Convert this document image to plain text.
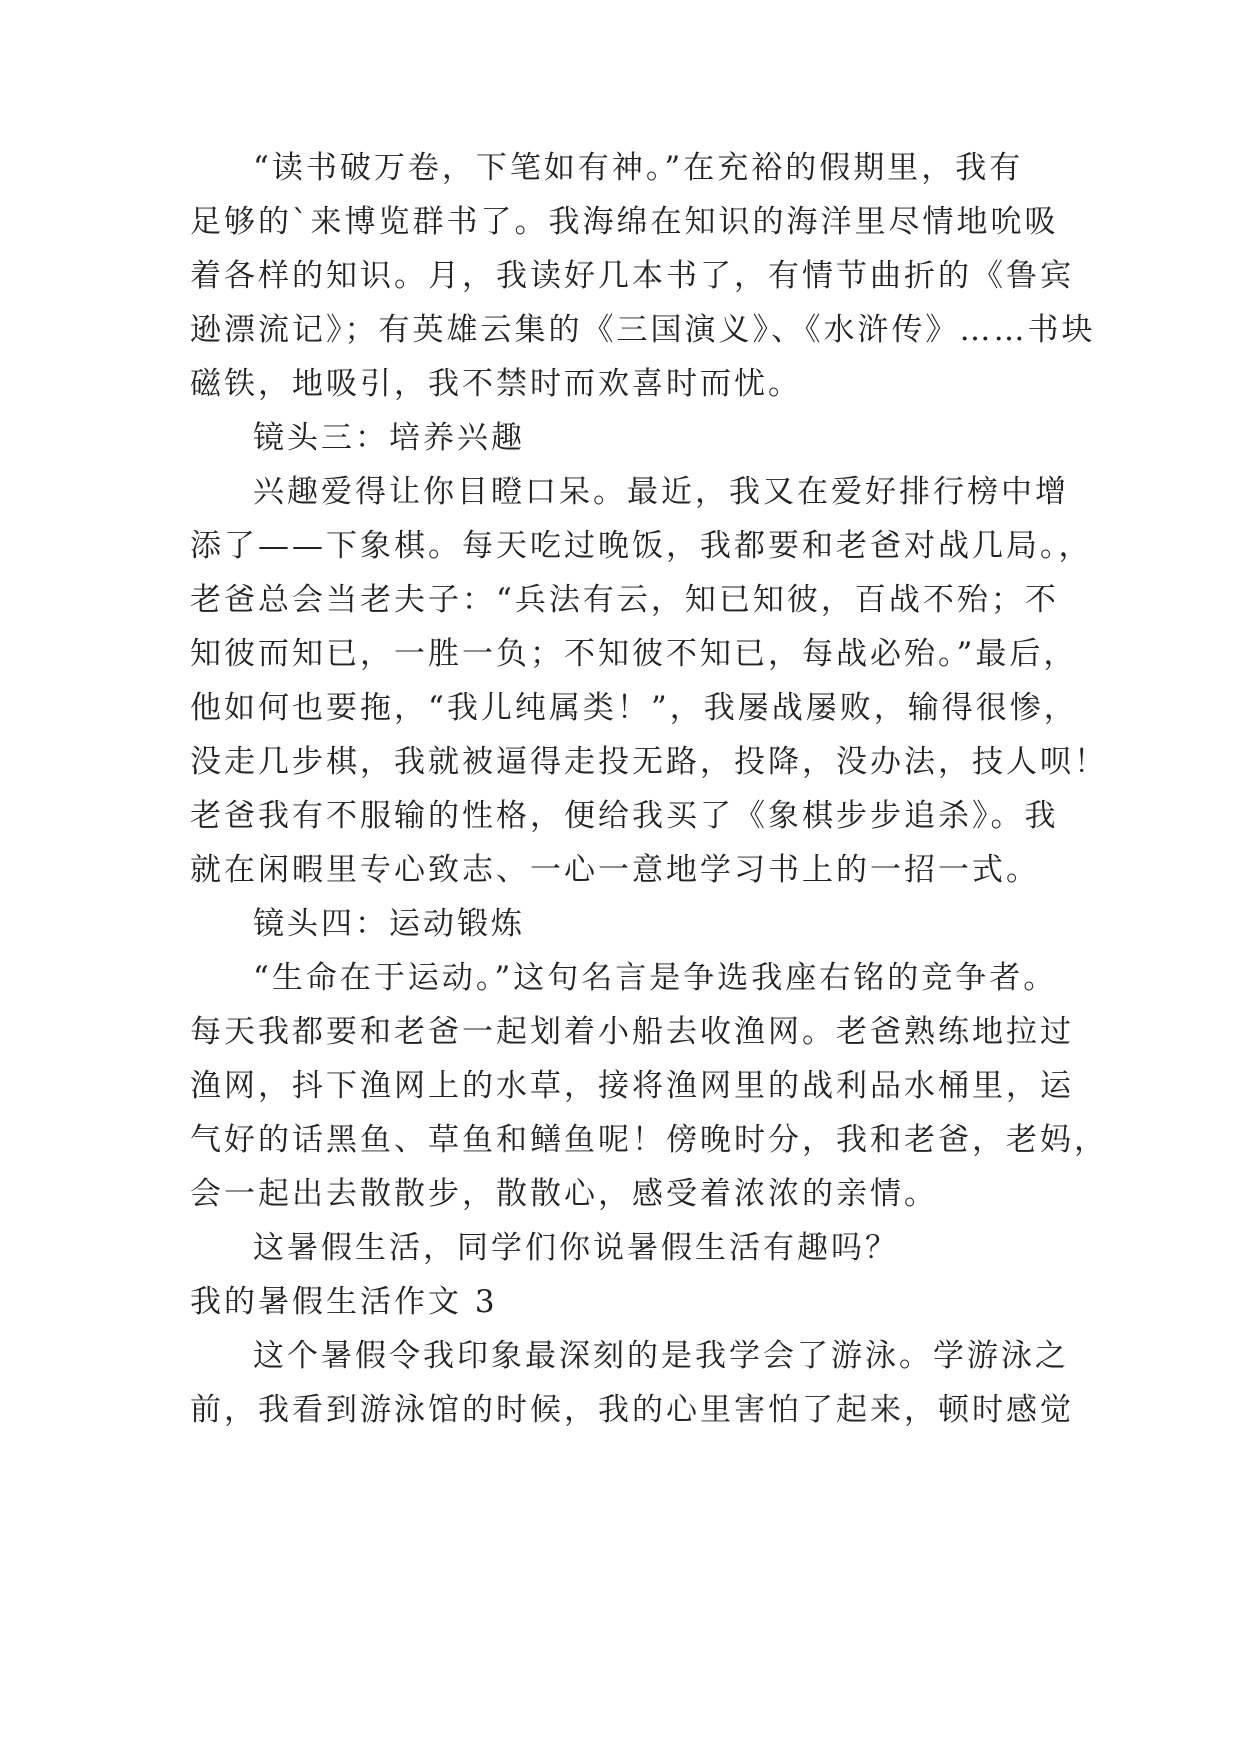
“读书破万卷，下笔如有神。”在充裕的假期里，我有
足够的`来博览群书了。我海绵在知识的海洋里尽情地吮吸
着各样的知识。月，我读好几本书了，有情节曲折的《鲁宾
逊漂流记》；有英雄云集的《三国演义》、《水浒传》……书块
磁铁，地吸引，我不禁时而欢喜时而忧。
镜头三：培养兴趣
兴趣爱得让你目瞪口呆。最近，我又在爱好排行榜中增
添了——下象棋。每天吃过晚饭，我都要和老爸对战几局。，
老爸总会当老夫子：“兵法有云，知已知彼，百战不殆；不
知彼而知已，一胜一负；不知彼不知已，每战必殆。”最后，
他如何也要拖，“我儿纯属类！”，我屡战屡败，输得很惨，
没走几步棋，我就被逼得走投无路，投降，没办法，技人呗！
老爸我有不服输的性格，便给我买了《象棋步步追杀》。我
就在闲暇里专心致志、一心一意地学习书上的一招一式。
镜头四：运动锻炼
“生命在于运动。”这句名言是争选我座右铭的竞争者。
每天我都要和老爸一起划着小船去收渔网。老爸熟练地拉过
渔网，抖下渔网上的水草，接将渔网里的战利品水桶里，运
气好的话黑鱼、草鱼和鳝鱼呢！傍晚时分，我和老爸，老妈，
会一起出去散散步，散散心，感受着浓浓的亲情。
这暑假生活，同学们你说暑假生活有趣吗？
我的暑假生活作文 3
这个暑假令我印象最深刻的是我学会了游泳。学游泳之
前，我看到游泳馆的时候，我的心里害怕了起来，顿时感觉
